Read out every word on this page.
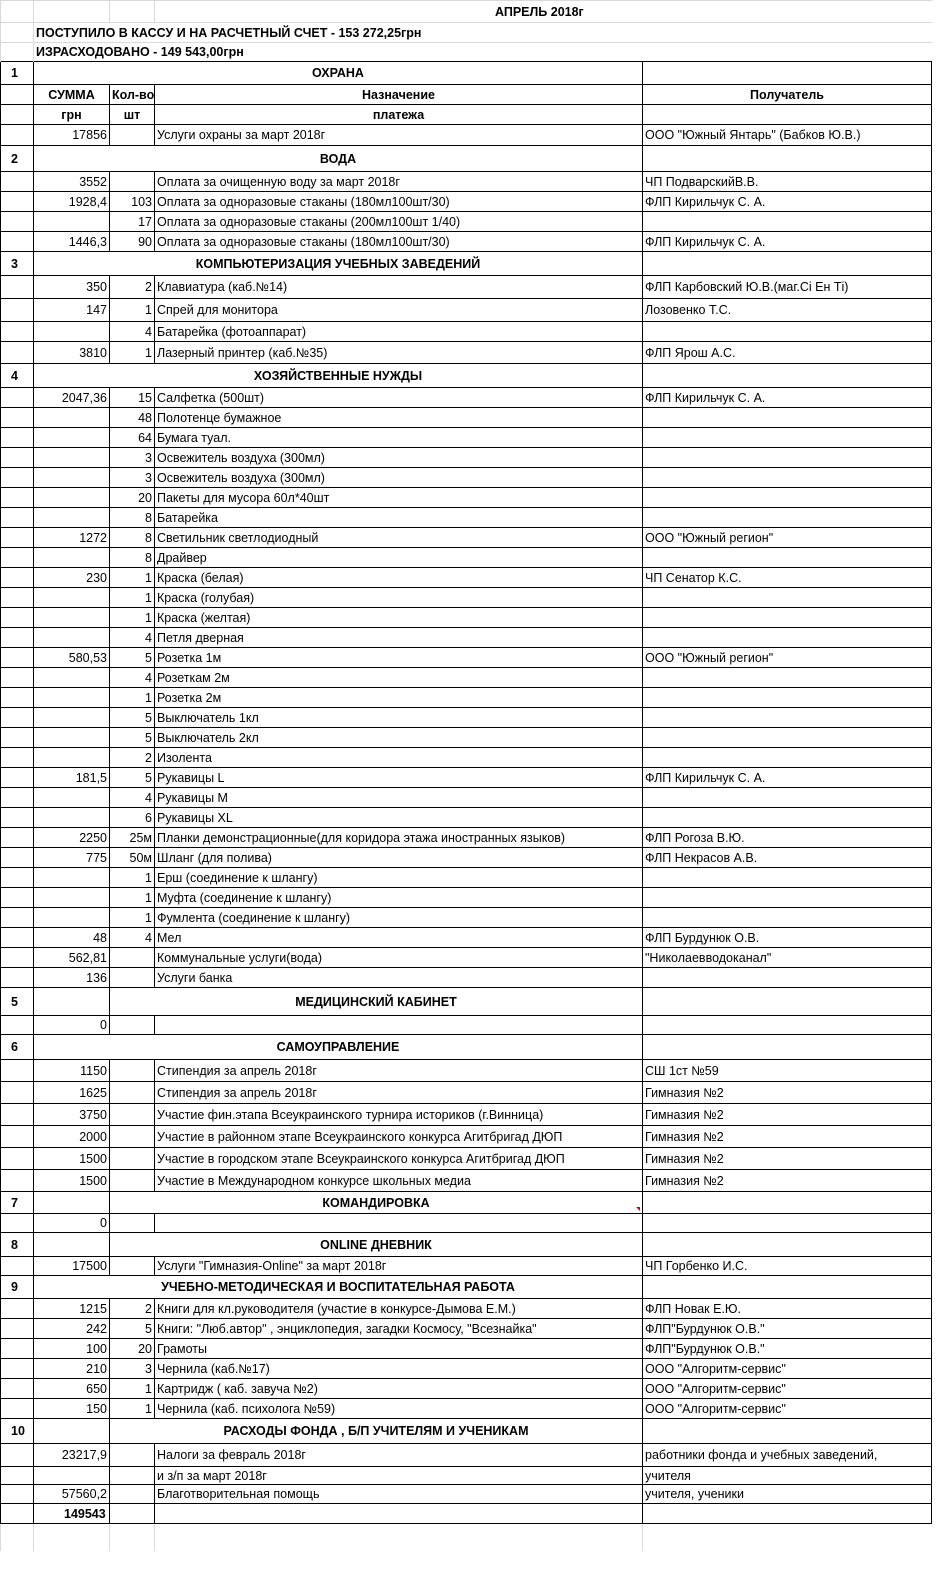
			АПРЕЛЬ 2018г	
	ПОСТУПИЛО В КАССУ И НА РАСЧЕТНЫЙ СЧЕТ - 153 272,25грн			
	ИЗРАСХОДОВАНО - 149 543,00грн			
1	ОХРАНА			
	СУММА	Кол-во	Назначение	Получатель
	грн	шт	платежа	
	17856		Услуги охраны за март 2018г	ООО "Южный Янтарь" (Бабков Ю.В.)
2	ВОДА			
	3552		Оплата за очищенную воду за март 2018г	ЧП ПодварскийВ.В.
	1928,4	103	Оплата за одноразовые стаканы (180мл100шт/30)	ФЛП Кирильчук С. А.
		17	Оплата за одноразовые стаканы (200мл100шт 1/40)	
	1446,3	90	Оплата за одноразовые стаканы (180мл100шт/30)	ФЛП Кирильчук С. А.
3	КОМПЬЮТЕРИЗАЦИЯ УЧЕБНЫХ ЗАВЕДЕНИЙ			
	350	2	Клавиатура (каб.№14)	ФЛП Карбовский Ю.В.(маг.Сі Ен Ті)
	147	1	Спрей для монитора	Лозовенко Т.С.
		4	Батарейка (фотоаппарат)	
	3810	1	Лазерный принтер (каб.№35)	ФЛП Ярош А.С.
4	ХОЗЯЙСТВЕННЫЕ НУЖДЫ			
	2047,36	15	Салфетка (500шт)	ФЛП Кирильчук С. А.
		48	Полотенце бумажное	
		64	Бумага туал.	
		3	Освежитель воздуха (300мл)	
		3	Освежитель воздуха (300мл)	
		20	Пакеты для мусора 60л*40шт	
		8	Батарейка	
	1272	8	Светильник светлодиодный	ООО "Южный регион"
		8	Драйвер	
	230	1	Краска (белая)	ЧП Сенатор К.С.
		1	Краска (голубая)	
		1	Краска (желтая)	
		4	Петля дверная	
	580,53	5	Розетка 1м	ООО "Южный регион"
		4	Розеткам 2м	
		1	Розетка 2м	
		5	Выключатель 1кл	
		5	Выключатель 2кл	
		2	Изолента	
	181,5	5	Рукавицы L	ФЛП Кирильчук С. А.
		4	Рукавицы М	
		6	Рукавицы XL	
	2250	25м	Планки демонстрационные(для коридора этажа иностранных языков)	ФЛП Рогоза В.Ю.
	775	50м	Шланг (для полива)	ФЛП Некрасов А.В.
		1	Ерш (соединение к шлангу)	
		1	Муфта (соединение к шлангу)	
		1	Фумлента (соединение к шлангу)	
	48	4	Мел	ФЛП Бурдунюк О.В.
	562,81		Коммунальные услуги(вода)	"Николаевводоканал"
	136		Услуги банка	
5		МЕДИЦИНСКИЙ КАБИНЕТ		
	0			
6	САМОУПРАВЛЕНИЕ			
	1150		Стипендия за апрель 2018г	СШ 1ст №59
	1625		Стипендия за апрель 2018г	Гимназия №2
	3750		Участие фин.этапа Всеукраинского турнира историков (г.Винница)	Гимназия №2
	2000		Участие в районном этапе Всеукраинского конкурса Агитбригад ДЮП	Гимназия №2
	1500		Участие в городском этапе Всеукраинского конкурса Агитбригад ДЮП	Гимназия №2
	1500		Участие в Международном конкурсе школьных медиа	Гимназия №2
7		КОМАНДИРОВКА		
	0			
8		ONLINE ДНЕВНИК		
	17500		Услуги "Гимназия-Online" за март 2018г	ЧП Горбенко И.С.
9	УЧЕБНО-МЕТОДИЧЕСКАЯ И ВОСПИТАТЕЛЬНАЯ РАБОТА			
	1215	2	Книги для кл.руководителя (участие в конкурсе-Дымова Е.М.)	ФЛП Новак Е.Ю.
	242	5	Книги: "Люб.автор" , энциклопедия, загадки Космосу, "Всезнайка"	ФЛП"Бурдунюк О.В."
	100	20	Грамоты	ФЛП"Бурдунюк О.В."
	210	3	Чернила (каб.№17)	ООО "Алгоритм-сервис"
	650	1	Картридж ( каб. завуча №2)	ООО "Алгоритм-сервис"
	150	1	Чернила (каб. психолога №59)	ООО "Алгоритм-сервис"
10		РАСХОДЫ ФОНДА , Б/П УЧИТЕЛЯМ И УЧЕНИКАМ		
	23217,9		Налоги за февраль 2018г	работники фонда и учебных заведений,
			и з/п за март 2018г	учителя
	57560,2		Благотворительная помощь	учителя, ученики
	149543			
